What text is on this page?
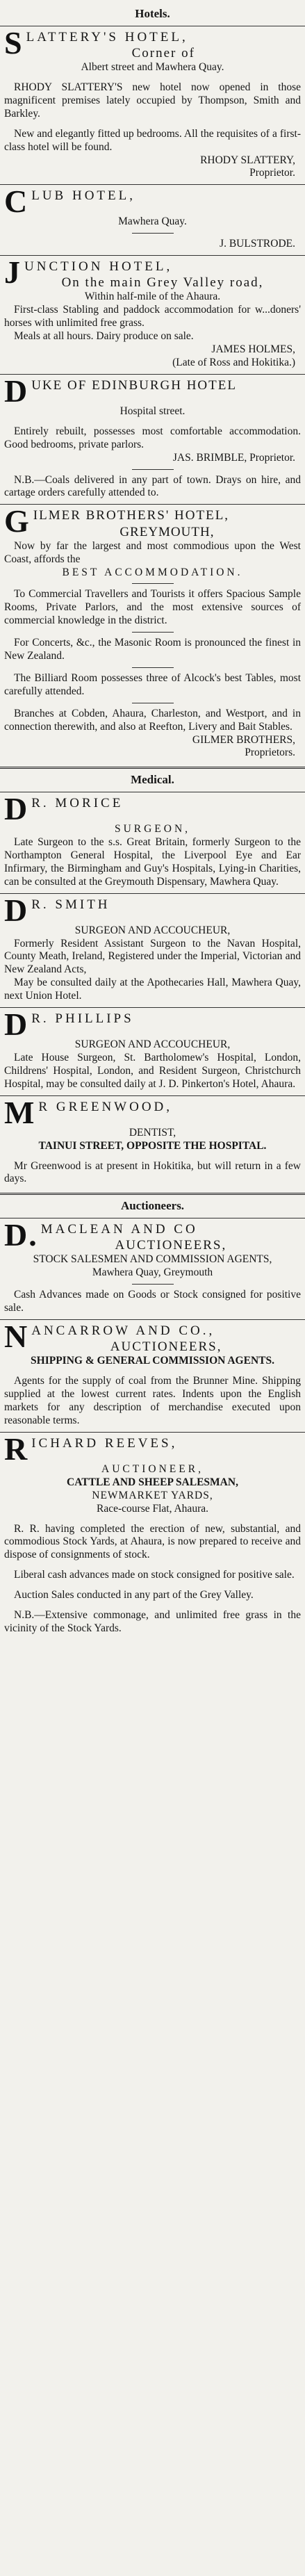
Hotels.
S LATTERY'S HOTEL,

Corner of

Albert street and Mawhera Quay.

RHODY SLATTERY'S new hotel now opened in those magnificent premises lately occupied by Thompson, Smith and Barkley.

New and elegantly fitted up bedrooms. All the requisites of a first-class hotel will be found.

RHODY SLATTERY,

Proprietor.

C LUB HOTEL,

Mawhera Quay.

J. BULSTRODE.

J UNCTION HOTEL,

On the main Grey Valley road,

Within half-mile of the Ahaura.

First-class Stabling and paddock accommodation for w...doners' horses with unlimited free grass.

Meals at all hours. Dairy produce on sale.

JAMES HOLMES,

(Late of Ross and Hokitika.)

D UKE OF EDINBURGH HOTEL

Hospital street.

Entirely rebuilt, possesses most comfortable accommodation. Good bedrooms, private parlors.

JAS. BRIMBLE, Proprietor.

N.B.—Coals delivered in any part of town. Drays on hire, and cartage orders carefully attended to.

G ILMER BROTHERS' HOTEL,

GREYMOUTH,

Now by far the largest and most commodious upon the West Coast, affords the

BEST ACCOMMODATION.

To Commercial Travellers and Tourists it offers Spacious Sample Rooms, Private Parlors, and the most extensive sources of commercial knowledge in the district.

For Concerts, &c., the Masonic Room is pronounced the finest in New Zealand.

The Billiard Room possesses three of Alcock's best Tables, most carefully attended.

Branches at Cobden, Ahaura, Charleston, and Westport, and in connection therewith, and also at Reefton, Livery and Bait Stables.

GILMER BROTHERS,

Proprietors.

Medical.
D R. MORICE

SURGEON,

Late Surgeon to the s.s. Great Britain, formerly Surgeon to the Northampton General Hospital, the Liverpool Eye and Ear Infirmary, the Birmingham and Guy's Hospitals, Lying-in Charities, can be consulted at the Greymouth Dispensary, Mawhera Quay.

D R. SMITH

SURGEON AND ACCOUCHEUR,

Formerly Resident Assistant Surgeon to the Navan Hospital, County Meath, Ireland, Registered under the Imperial, Victorian and New Zealand Acts,

May be consulted daily at the Apothecaries Hall, Mawhera Quay, next Union Hotel.

D R. PHILLIPS

SURGEON AND ACCOUCHEUR,

Late House Surgeon, St. Bartholomew's Hospital, London, Childrens' Hospital, London, and Resident Surgeon, Christchurch Hospital, may be consulted daily at J. D. Pinkerton's Hotel, Ahaura.

M R GREENWOOD,

DENTIST,

TAINUI STREET, OPPOSITE THE HOSPITAL.

Mr Greenwood is at present in Hokitika, but will return in a few days.

Auctioneers.
D. MACLEAN AND CO

AUCTIONEERS,

STOCK SALESMEN AND COMMISSION AGENTS,

Mawhera Quay, Greymouth

Cash Advances made on Goods or Stock consigned for positive sale.

N ANCARROW AND CO.,

AUCTIONEERS,

SHIPPING & GENERAL COMMISSION AGENTS.

Agents for the supply of coal from the Brunner Mine. Shipping supplied at the lowest current rates. Indents upon the English markets for any description of merchandise executed upon reasonable terms.

R ICHARD REEVES,

AUCTIONEER,

CATTLE AND SHEEP SALESMAN,

NEWMARKET YARDS,

Race-course Flat, Ahaura.

R. R. having completed the erection of new, substantial, and commodious Stock Yards, at Ahaura, is now prepared to receive and dispose of consignments of stock.

Liberal cash advances made on stock consigned for positive sale.

Auction Sales conducted in any part of the Grey Valley.

N.B.—Extensive commonage, and unlimited free grass in the vicinity of the Stock Yards.
